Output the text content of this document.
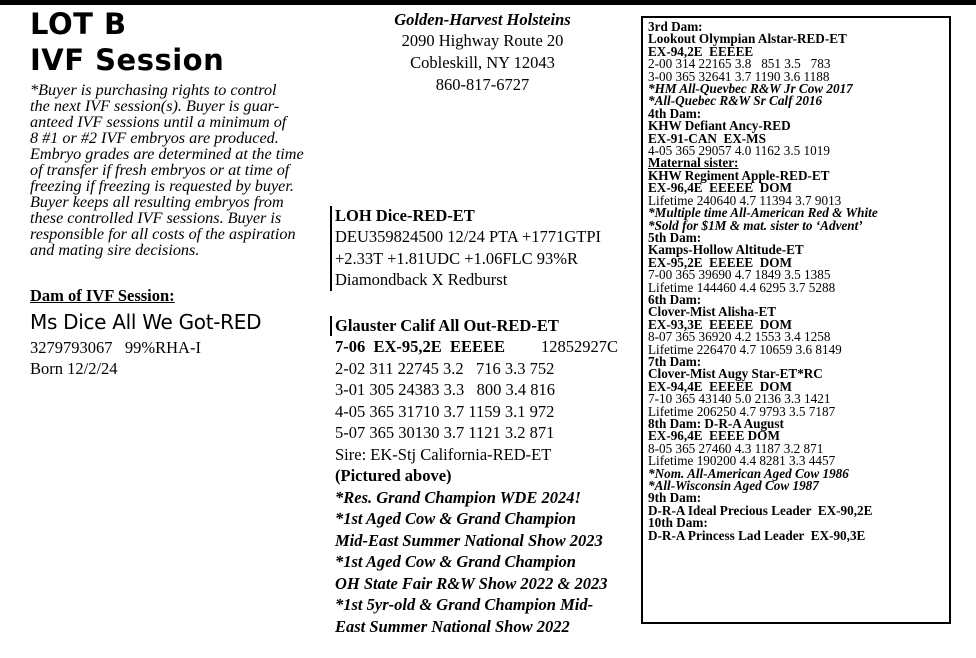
LOT B
IVF Session
*Buyer is purchasing rights to control
the next IVF session(s). Buyer is guar-
anteed IVF sessions until a minimum of
8 #1 or #2 IVF embryos are produced.
Embryo grades are determined at the time
of transfer if fresh embryos or at time of
freezing if freezing is requested by buyer.
Buyer keeps all resulting embryos from
these controlled IVF sessions. Buyer is
responsible for all costs of the aspiration
and mating sire decisions.
Dam of IVF Session:
Ms Dice All We Got-RED
3279793067   99%RHA-I
Born 12/2/24
Golden-Harvest Holsteins
2090 Highway Route 20
Cobleskill, NY 12043
860-817-6727
LOH Dice-RED-ET
DEU359824500 12/24 PTA +1771GTPI
+2.33T +1.81UDC +1.06FLC 93%R
Diamondback X Redburst
Glauster Calif All Out-RED-ET
7-06  EX-95,2E  EEEEE 12852927C
2-02 311 22745 3.2   716 3.3 752
3-01 305 24383 3.3   800 3.4 816
4-05 365 31710 3.7 1159 3.1 972
5-07 365 30130 3.7 1121 3.2 871
Sire: EK-Stj California-RED-ET
(Pictured above)
*Res. Grand Champion WDE 2024!
*1st Aged Cow & Grand Champion
Mid-East Summer National Show 2023
*1st Aged Cow & Grand Champion
OH State Fair R&W Show 2022 & 2023
*1st 5yr-old & Grand Champion Mid-
East Summer National Show 2022
3rd Dam:
Lookout Olympian Alstar-RED-ET
EX-94,2E  EEEEE
2-00 314 22165 3.8   851 3.5   783
3-00 365 32641 3.7 1190 3.6 1188
*HM All-Quevbec R&W Jr Cow 2017
*All-Quebec R&W Sr Calf 2016
4th Dam:
KHW Defiant Ancy-RED
EX-91-CAN  EX-MS
4-05 365 29057 4.0 1162 3.5 1019
Maternal sister:
KHW Regiment Apple-RED-ET
EX-96,4E  EEEEE  DOM
Lifetime 240640 4.7 11394 3.7 9013
*Multiple time All-American Red & White
*Sold for $1M & mat. sister to ‘Advent’
5th Dam:
Kamps-Hollow Altitude-ET
EX-95,2E  EEEEE  DOM
7-00 365 39690 4.7 1849 3.5 1385
Lifetime 144460 4.4 6295 3.7 5288
6th Dam:
Clover-Mist Alisha-ET
EX-93,3E  EEEEE  DOM
8-07 365 36920 4.2 1553 3.4 1258
Lifetime 226470 4.7 10659 3.6 8149
7th Dam:
Clover-Mist Augy Star-ET*RC
EX-94,4E  EEEEE  DOM
7-10 365 43140 5.0 2136 3.3 1421
Lifetime 206250 4.7 9793 3.5 7187
8th Dam: D-R-A August
EX-96,4E  EEEE DOM
8-05 365 27460 4.3 1187 3.2 871
Lifetime 190200 4.4 8281 3.3 4457
*Nom. All-American Aged Cow 1986
*All-Wisconsin Aged Cow 1987
9th Dam:
D-R-A Ideal Precious Leader  EX-90,2E
10th Dam:
D-R-A Princess Lad Leader  EX-90,3E
